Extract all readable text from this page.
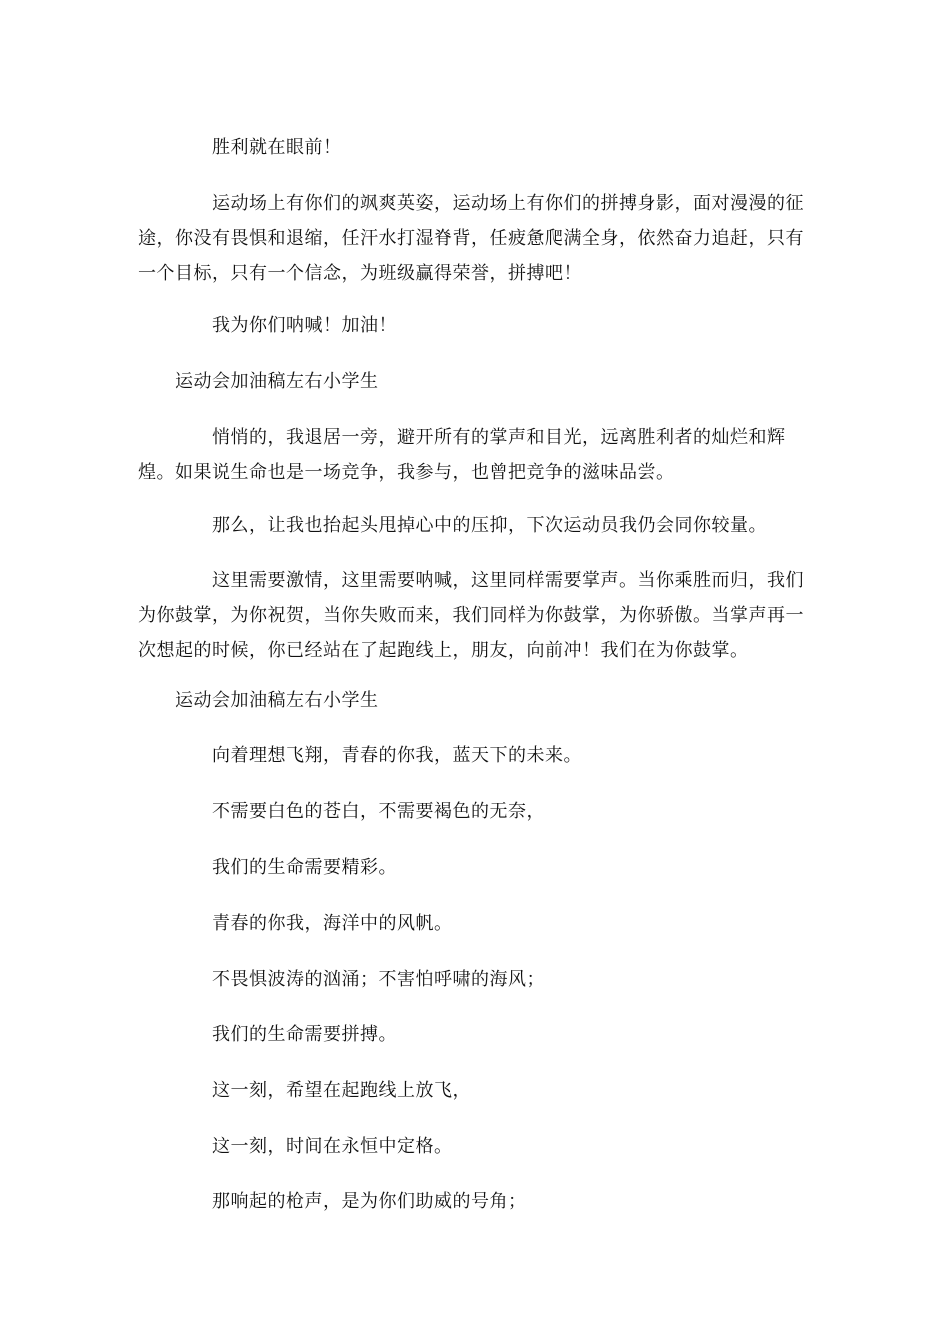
胜利就在眼前！

运动场上有你们的飒爽英姿，运动场上有你们的拼搏身影，面对漫漫的征途，你没有畏惧和退缩，任汗水打湿脊背，任疲惫爬满全身，依然奋力追赶，只有一个目标，只有一个信念，为班级赢得荣誉，拼搏吧！

我为你们呐喊！加油！

运动会加油稿左右小学生

悄悄的，我退居一旁，避开所有的掌声和目光，远离胜利者的灿烂和辉煌。如果说生命也是一场竞争，我参与，也曾把竞争的滋味品尝。

那么，让我也抬起头甩掉心中的压抑，下次运动员我仍会同你较量。

这里需要激情，这里需要呐喊，这里同样需要掌声。当你乘胜而归，我们为你鼓掌，为你祝贺，当你失败而来，我们同样为你鼓掌，为你骄傲。当掌声再一次想起的时候，你已经站在了起跑线上，朋友，向前冲！我们在为你鼓掌。

运动会加油稿左右小学生

向着理想飞翔，青春的你我，蓝天下的未来。

不需要白色的苍白，不需要褐色的无奈，

我们的生命需要精彩。

青春的你我，海洋中的风帆。

不畏惧波涛的汹涌；不害怕呼啸的海风；

我们的生命需要拼搏。

这一刻，希望在起跑线上放飞，

这一刻，时间在永恒中定格。

那响起的枪声，是为你们助威的号角；
